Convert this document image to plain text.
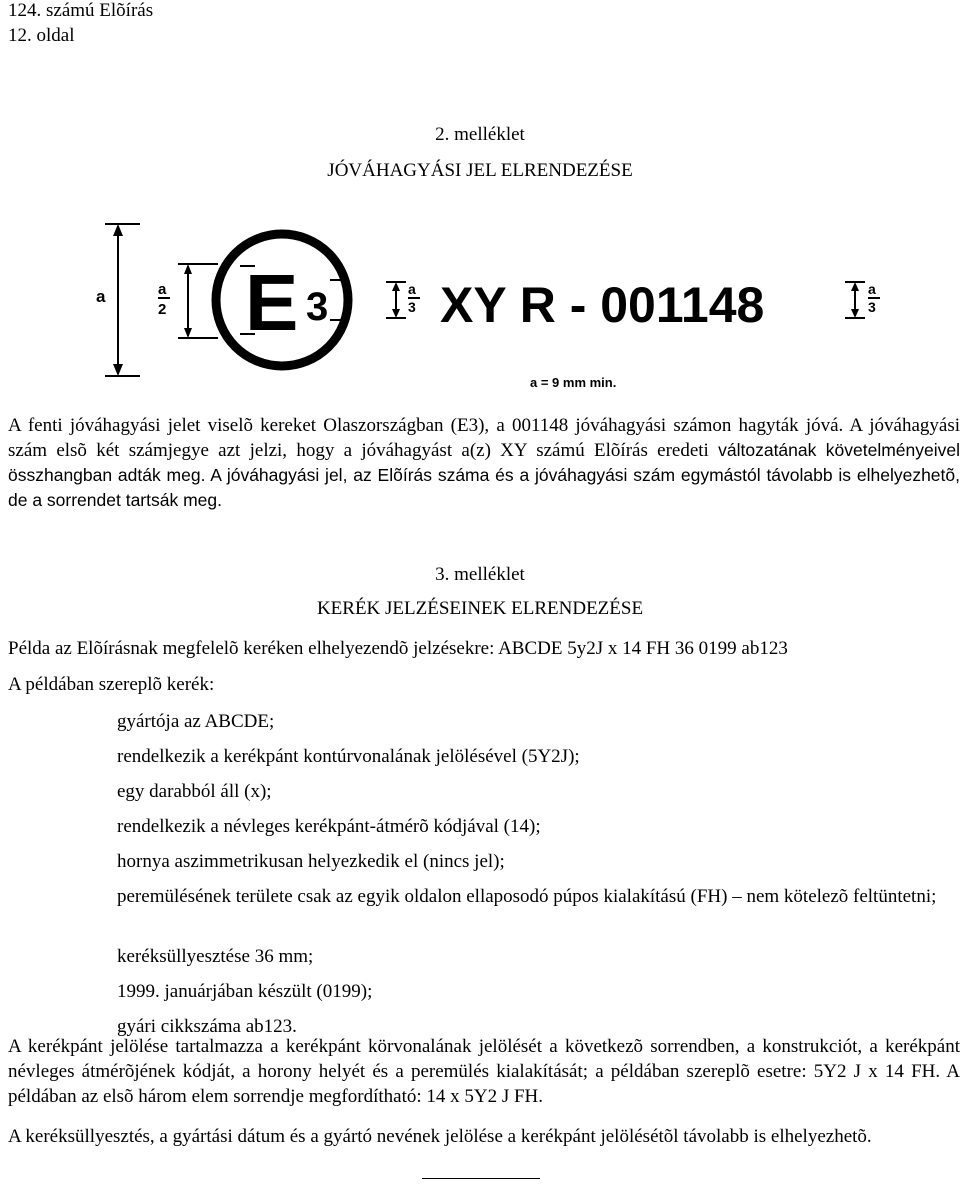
124. számú Elõírás
12. oldal
2. melléklet
JÓVÁHAGYÁSI JEL ELRENDEZÉSE
a	a
2 E 3	a
3 XY R - 001148	a
3
a = 9 mm min.
A fenti jóváhagyási jelet viselõ kereket Olaszországban (E3), a 001148 jóváhagyási számon hagyták jóvá. A jóváhagyási szám elsõ két számjegye azt jelzi, hogy a jóváhagyást a(z) XY számú Elõírás eredeti változatának követelményeivel összhangban adták meg. A jóváhagyási jel, az Elõírás száma és a jóváhagyási szám egymástól távolabb is elhelyezhetõ, de a sorrendet tartsák meg.
3. melléklet
KERÉK JELZÉSEINEK ELRENDEZÉSE
Példa az Elõírásnak megfelelõ keréken elhelyezendõ jelzésekre: ABCDE 5y2J x 14 FH 36 0199 ab123
A példában szereplõ kerék:
gyártója az ABCDE;
rendelkezik a kerékpánt kontúrvonalának jelölésével (5Y2J);
egy darabból áll (x);
rendelkezik a névleges kerékpánt-átmérõ kódjával (14);
hornya aszimmetrikusan helyezkedik el (nincs jel);
peremülésének területe csak az egyik oldalon ellaposodó púpos kialakítású (FH) – nem kötelezõ feltüntetni;
keréksüllyesztése 36 mm;
1999. januárjában készült (0199);
gyári cikkszáma ab123.
A kerékpánt jelölése tartalmazza a kerékpánt körvonalának jelölését a következõ sorrendben, a konstrukciót, a kerékpánt névleges átmérõjének kódját, a horony helyét és a peremülés kialakítását; a példában szereplõ esetre: 5Y2 J x 14 FH. A példában az elsõ három elem sorrendje megfordítható: 14 x 5Y2 J FH.
A keréksüllyesztés, a gyártási dátum és a gyártó nevének jelölése a kerékpánt jelölésétõl távolabb is elhelyezhetõ.
